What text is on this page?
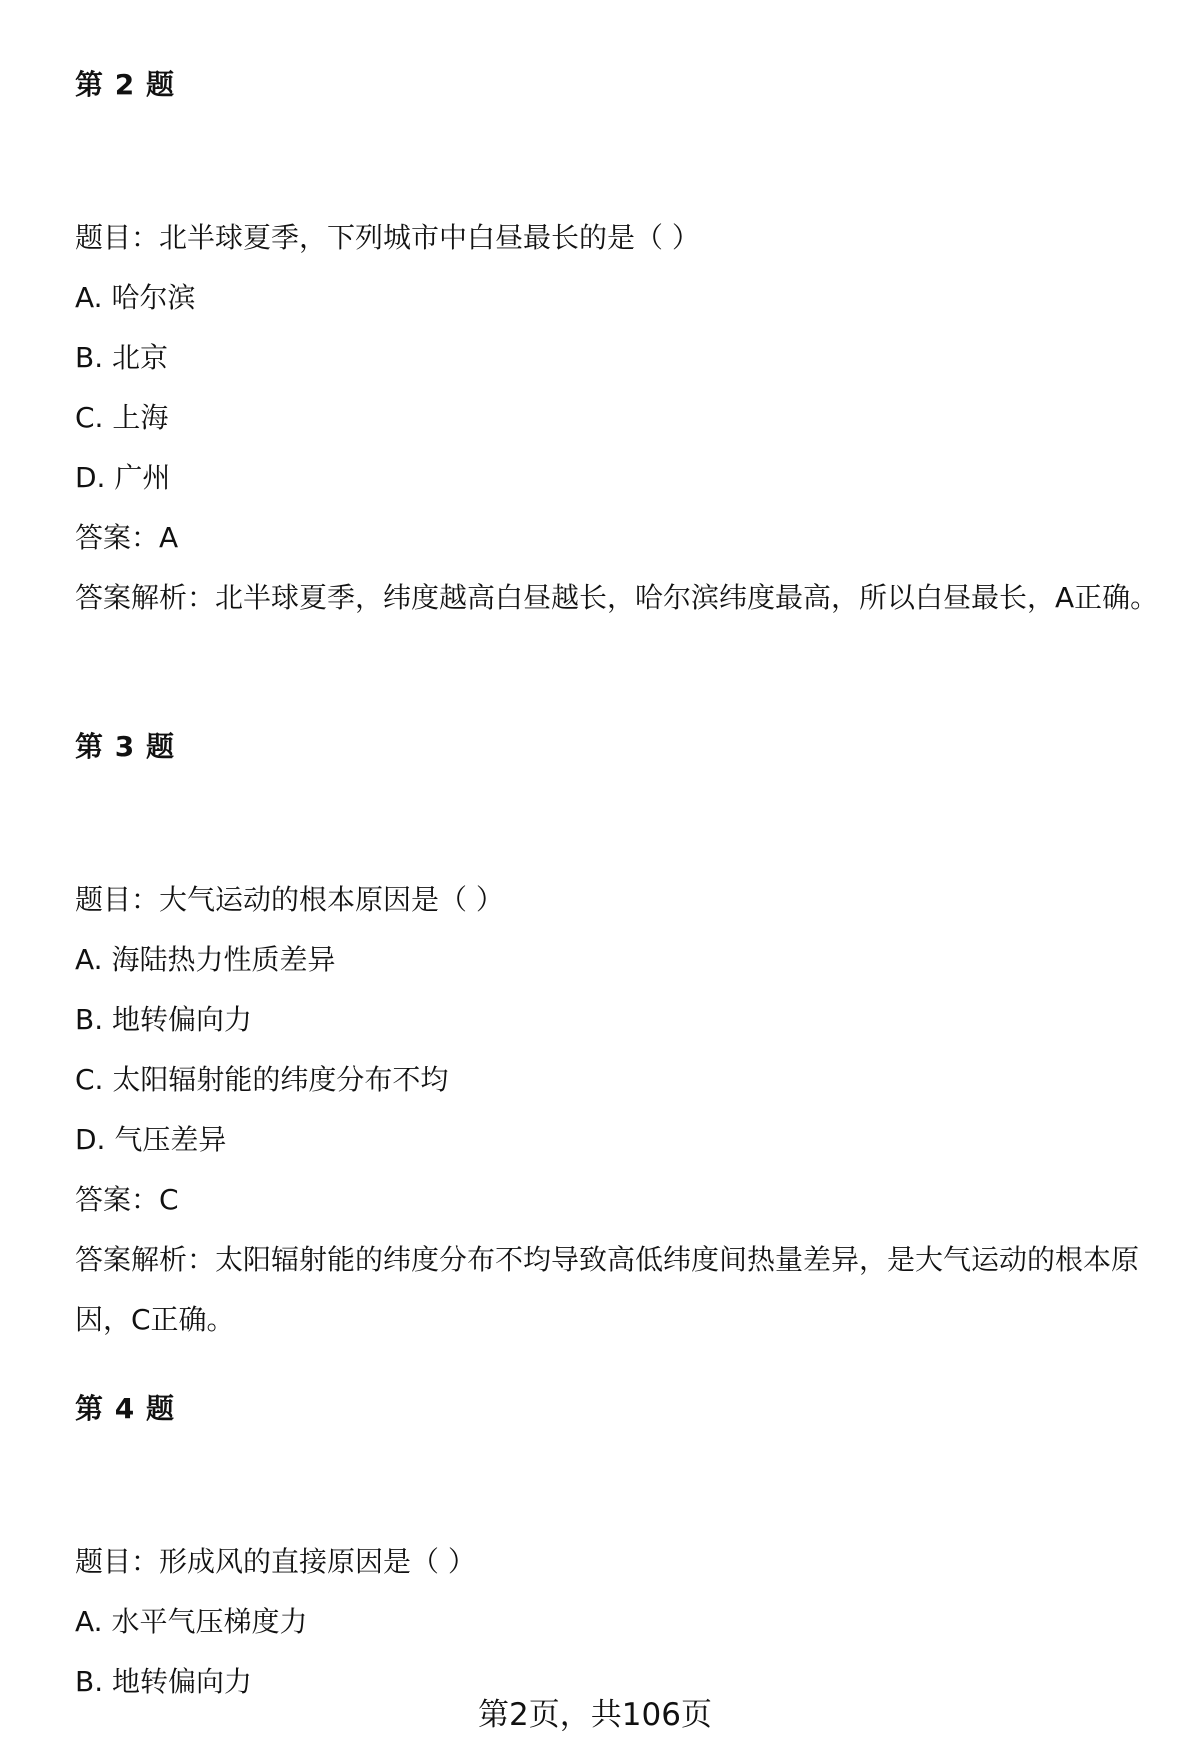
第 2 题
题目：北半球夏季，下列城市中白昼最长的是（ ）
A. 哈尔滨
B. 北京
C. 上海
D. 广州
答案：A
答案解析：北半球夏季，纬度越高白昼越长，哈尔滨纬度最高，所以白昼最长，A正确。
第 3 题
题目：大气运动的根本原因是（ ）
A. 海陆热力性质差异
B. 地转偏向力
C. 太阳辐射能的纬度分布不均
D. 气压差异
答案：C
答案解析：太阳辐射能的纬度分布不均导致高低纬度间热量差异，是大气运动的根本原因，C正确。
第 4 题
题目：形成风的直接原因是（ ）
A. 水平气压梯度力
B. 地转偏向力
第2页，共106页
